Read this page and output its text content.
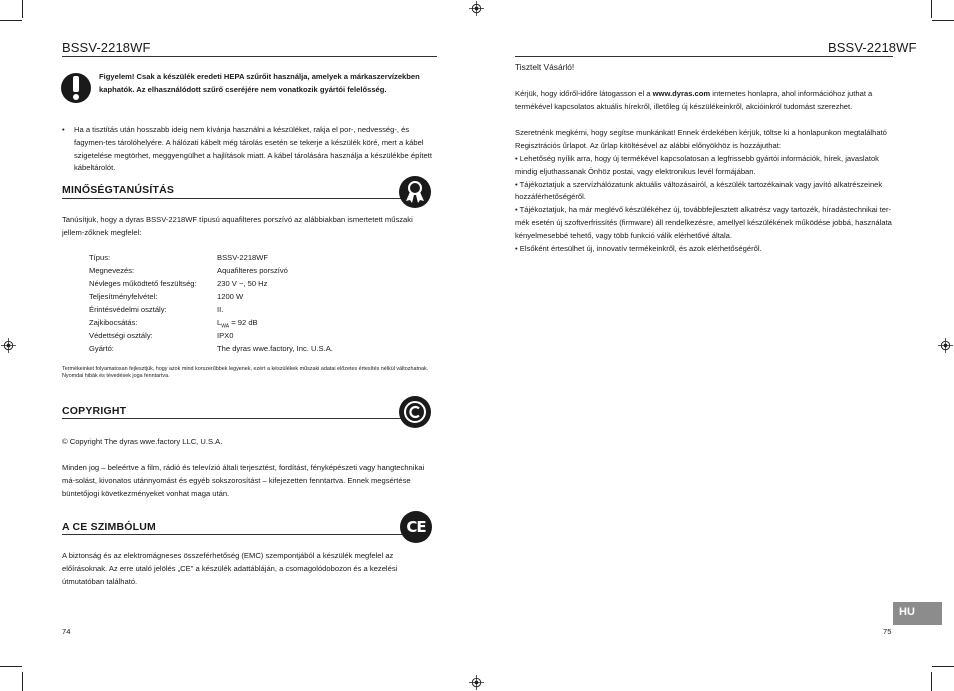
BSSV-2218WF
Figyelem! Csak a készülék eredeti HEPA szűrőit használja, amelyek a márkaszervízekben kaphatók. Az elhasználódott szűrő cseréjére nem vonatkozik gyártói felelősség.
• Ha a tisztítás után hosszabb ideig nem kívánja használni a készüléket, rakja el por-, nedvesség-, és fagymen-tes tárolóhelyére. A hálózati kábelt még tárolás esetén se tekerje a készülék köré, mert a kábel szigetelése megtörhet, meggyengülhet a hajlítások miatt. A kábel tárolására használja a készülékbe épített kábeltárolót.
MINŐSÉGTANÚSÍTÁS
Tanúsítjuk, hogy a dyras BSSV-2218WF típusú aquafilteres porszívó az alábbiakban ismertetett műszaki jellem-zőknek megfelel:
Típus:	BSSV-2218WF
Megnevezés:	Aquafilteres porszívó
Névleges működtető feszültség:	230 V ~, 50 Hz
Teljesítményfelvétel:	1200 W
Érintésvédelmi osztály:	II.
Zajkibocsátás:	$L_{WA} = 92$ dB
Védettségi osztály:	IPX0
Gyártó:	The dyras wwe.factory, Inc. U.S.A.
Termékeinket folyamatosan fejlesztjük, hogy azok mind korszerűbbek legyenek, ezért a készülékek műszaki adatai előzetes értesítés nélkül változhatnak. Nyomdai hibák és tévedések joga fenntartva.
COPYRIGHT
© Copyright The dyras wwe.factory LLC, U.S.A.
Minden jog – beleértve a film, rádió és televízió általi terjesztést, fordítást, fényképészeti vagy hangtechnikai má-solást, kivonatos utánnyomást és egyéb sokszorosítást – kifejezetten fenntartva. Ennek megsértése büntetőjogi következményeket vonhat maga után.
A CE SZIMBÓLUM	CE
A biztonság és az elektromágneses összeférhetőség (EMC) szempontjából a készülék megfelel az előírásoknak. Az erre utaló jelölés „CE" a készülék adattábláján, a csomagolódobozon és a kezelési útmutatóban található.
74
BSSV-2218WF
Tisztelt Vásárló!
Kérjük, hogy időről-időre látogasson el a www.dyras.com internetes honlapra, ahol információhoz juthat a termékével kapcsolatos aktuális hírekről, illetőleg új készülékeinkről, akcióinkról tudomást szerezhet.
Szeretnénk megkérni, hogy segítse munkánkat! Ennek érdekében kérjük, töltse ki a honlapunkon megtalálható Regisztrációs űrlapot. Az űrlap kitöltésével az alábbi előnyökhöz is hozzájuthat:

• Lehetőség nyílik arra, hogy új termékével kapcsolatosan a legfrissebb gyártói információk, hírek, javaslatok mindig eljuthassanak Önhöz postai, vagy elektronikus levél formájában.

• Tájékoztatjuk a szervízhálózatunk aktuális változásairól, a készülék tartozékainak vagy javító alkatrészeinek hozzáférhetőségéről.

• Tájékoztatjuk, ha már meglévő készülékéhez új, továbbfejlesztett alkatrész vagy tartozék, híradástechnikai ter-mék esetén új szoftverfrissítés (firmware) áll rendelkezésre, amellyel készülékének működése jobbá, használata kényelmesebbé tehető, vagy több funkció válik elérhetővé általa.

• Elsőként értesülhet új, innovatív termékeinkről, és azok elérhetőségéről.

HU
75
